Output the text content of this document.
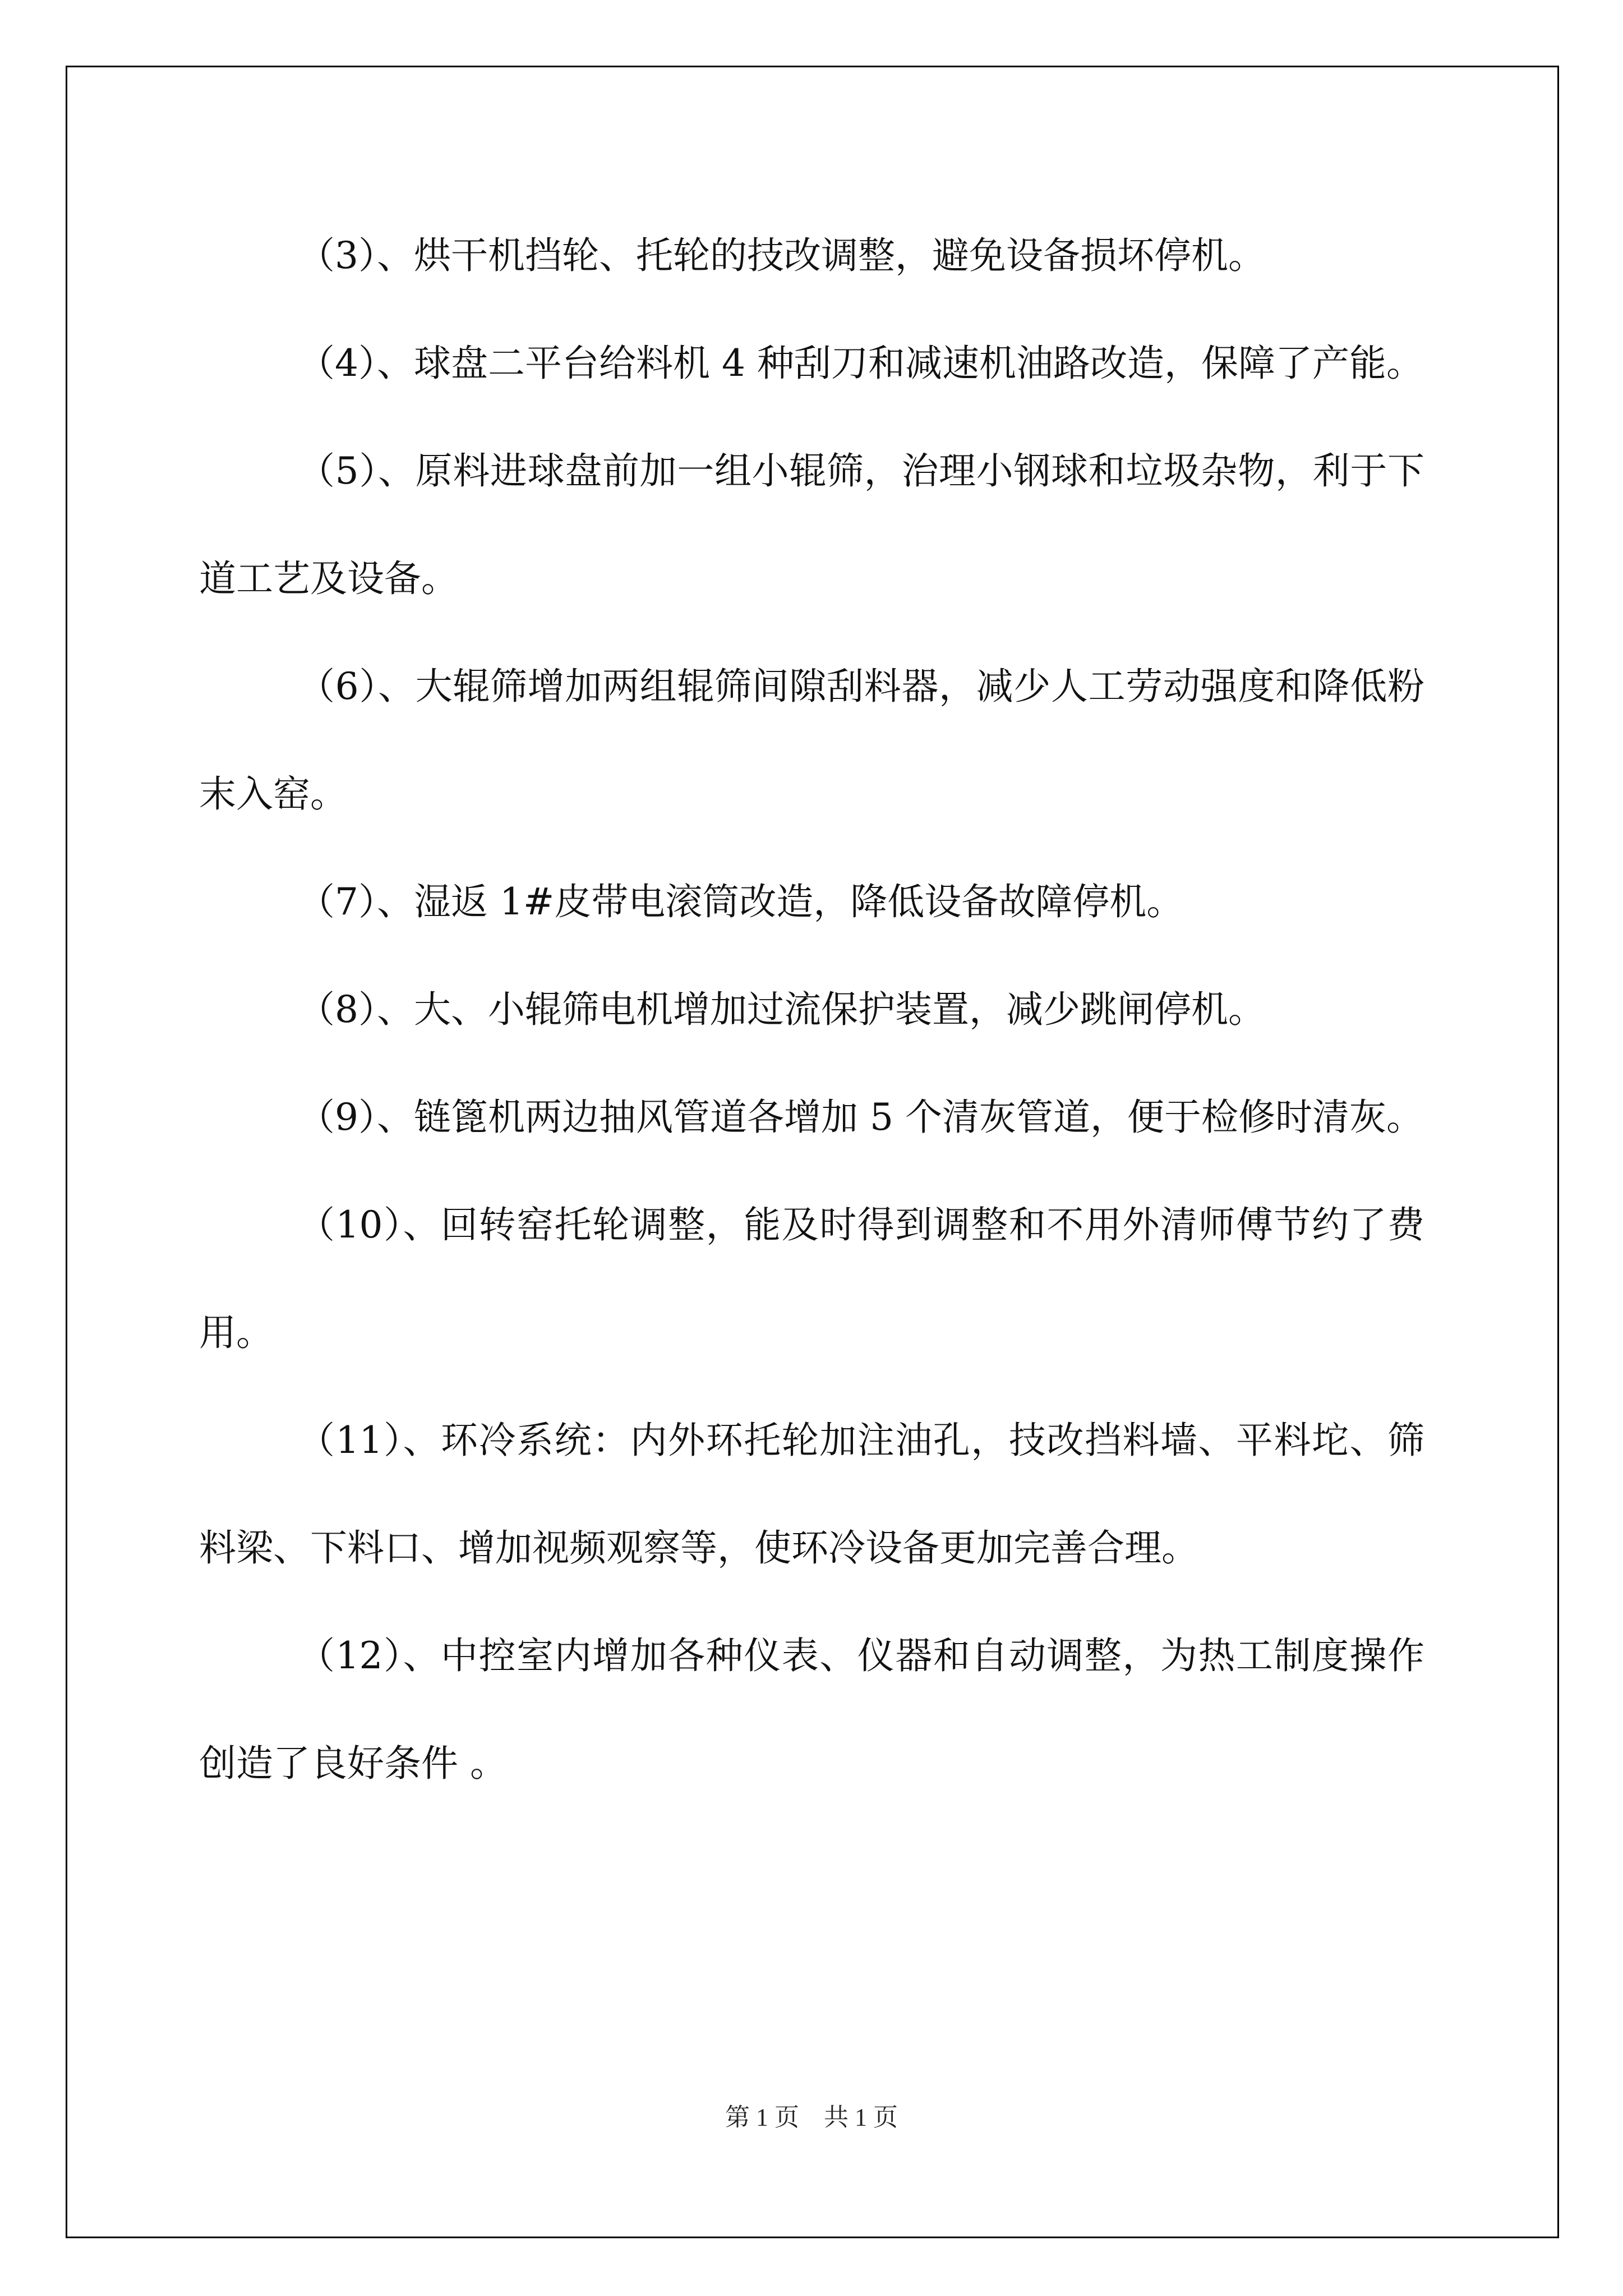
（3）、烘干机挡轮、托轮的技改调整，避免设备损坏停机。

（4）、球盘二平台给料机 4 种刮刀和减速机油路改造，保障了产能。

（5）、原料进球盘前加一组小辊筛，治理小钢球和垃圾杂物，利于下道工艺及设备。

（6）、大辊筛增加两组辊筛间隙刮料器，减少人工劳动强度和降低粉末入窑。

（7）、湿返 1#皮带电滚筒改造，降低设备故障停机。

（8）、大、小辊筛电机增加过流保护装置，减少跳闸停机。

（9）、链篦机两边抽风管道各增加 5 个清灰管道，便于检修时清灰。

（10）、回转窑托轮调整，能及时得到调整和不用外清师傅节约了费用。

（11）、环冷系统：内外环托轮加注油孔，技改挡料墙、平料坨、筛料梁、下料口、增加视频观察等，使环冷设备更加完善合理。

（12）、中控室内增加各种仪表、仪器和自动调整，为热工制度操作创造了良好条件 。

第 1 页    共 1 页
